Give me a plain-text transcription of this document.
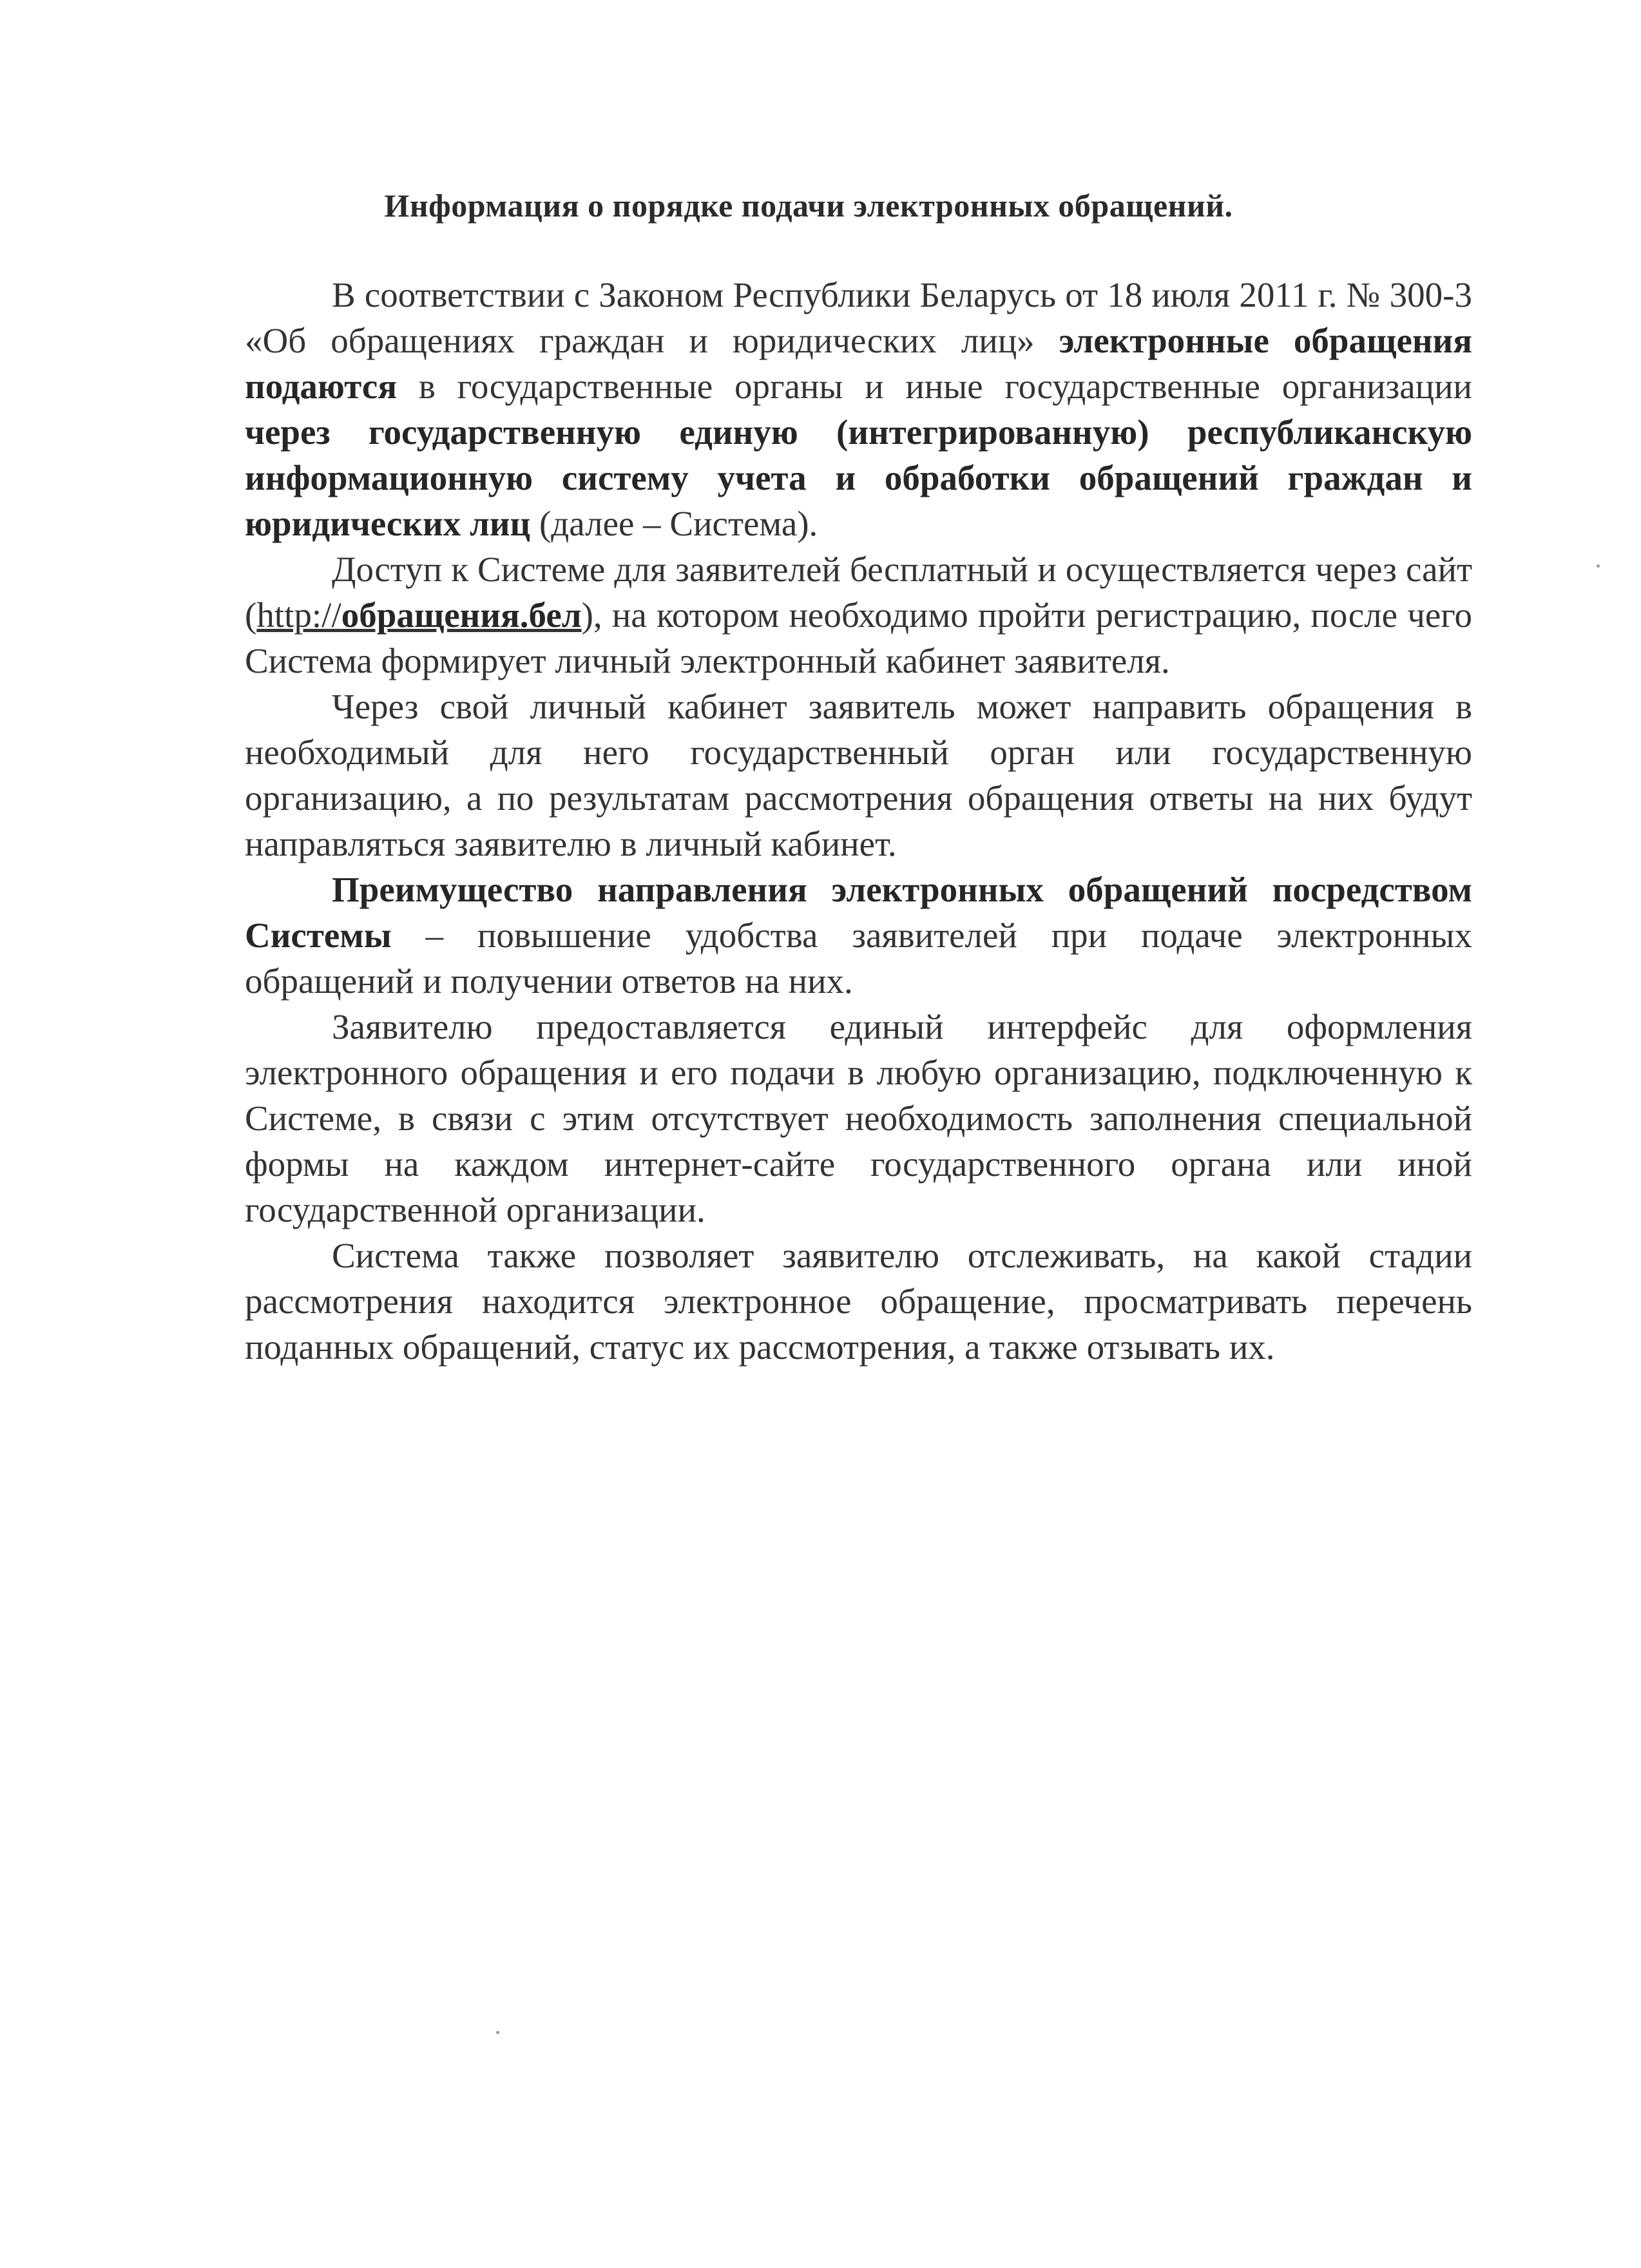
Информация о порядке подачи электронных обращений.

В соответствии с Законом Республики Беларусь от 18 июля 2011 г. № 300-3 «Об обращениях граждан и юридических лиц» электронные обращения подаются в государственные органы и иные государственные организации через государственную единую (интегрированную) республиканскую информационную систему учета и обработки обращений граждан и юридических лиц (далее – Система).

Доступ к Системе для заявителей бесплатный и осуществляется через сайт (http://обращения.бел), на котором необходимо пройти регистрацию, после чего Система формирует личный электронный кабинет заявителя.

Через свой личный кабинет заявитель может направить обращения в необходимый для него государственный орган или государственную организацию, а по результатам рассмотрения обращения ответы на них будут направляться заявителю в личный кабинет.

Преимущество направления электронных обращений посредством Системы – повышение удобства заявителей при подаче электронных обращений и получении ответов на них.

Заявителю предоставляется единый интерфейс для оформления электронного обращения и его подачи в любую организацию, подключенную к Системе, в связи с этим отсутствует необходимость заполнения специальной формы на каждом интернет-сайте государственного органа или иной государственной организации.

Система также позволяет заявителю отслеживать, на какой стадии рассмотрения находится электронное обращение, просматривать перечень поданных обращений, статус их рассмотрения, а также отзывать их.
